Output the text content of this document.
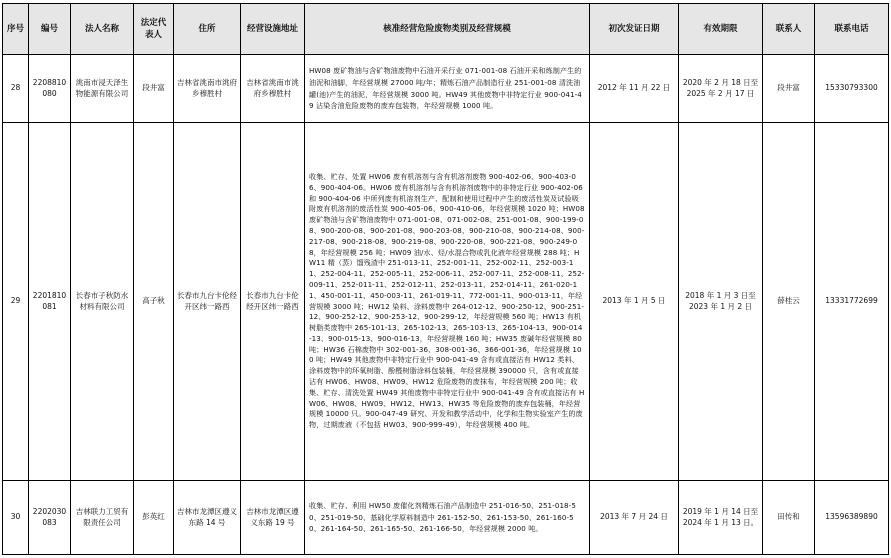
序号	编号	法人名称	法定代表人	住所	经营设施地址	核准经营危险废物类别及经营规模	初次发证日期	有效期限	联系人	联系电话
28	2208810080	洮南市浸天泽生物能源有限公司	段井富	吉林省洮南市洮府乡穆胜村	吉林省洮南市洮府乡穆胜村	HW08 废矿物油与含矿物油废物中石油开采行业 071-001-08 石油开采和炼制产生的油泥和油脚，年经营规模 27000 吨/年；精炼石油产品制造行业 251-001-08 清洗油罐(池)产生的油泥，年经营规模 3000 吨。HW49 其他废物中非特定行业 900-041-49 沾染含油危险废物的废弃包装物，年经营规模 1000 吨。	2012 年 11 月 22 日	2020 年 2 月 18 日至 2025 年 2 月 17 日	段井富	15330793300
29	2201810081	长春市子秋防水材料有限公司	高子秋	长春市九台卡伦经开区纬一路西	长春市九台卡伦经开区纬一路西	收集、贮存、处置 HW06 废有机溶剂与含有机溶剂废物 900-402-06、900-403-06、900-404-06。HW06 废有机溶剂与含有机溶剂废物中的非特定行业 900-402-06 和 900-404-06 中所列废有机溶剂生产、配制和使用过程中产生的废活性炭及试验吸附废有机溶剂的废活性炭 900-405-06、900-410-06，年经营规模 1020 吨；HW08 废矿物油与含矿物油废物中 071-001-08、071-002-08、251-001-08、900-199-08、900-200-08、900-201-08、900-203-08、900-210-08、900-214-08、900-217-08、900-218-08、900-219-08、900-220-08、900-221-08、900-249-08，年经营规模 256 吨；HW09 油/水、烃/水混合物或乳化液年经营规模 288 吨；HW11 精（蒸）馏残渣中 251-013-11、252-001-11、252-002-11、252-003-11、252-004-11、252-005-11、252-006-11、252-007-11、252-008-11、252-009-11、252-011-11、252-012-11、252-013-11、252-014-11、261-020-11、450-001-11、450-003-11、261-019-11、772-001-11、900-013-11，年经营规模 3000 吨；HW12 染料、涂料废物中 264-012-12、900-250-12、900-251-12、900-252-12、900-253-12、900-299-12，年经营规模 560 吨；HW13 有机树脂类废物中 265-101-13、265-102-13、265-103-13、265-104-13、900-014-13、900-015-13、900-016-13，年经营规模 160 吨；HW35 废碱年经营规模 80 吨；HW36 石棉废物中 302-001-36、308-001-36、366-001-36，年经营规模 100 吨；HW49 其他废物中非特定行业中 900-041-49 含有或直接沾有 HW12 类料、涂料废物中的环氧树脂、酚醛树脂涂料包装桶，年经营规模 390000 只，含有或直接沾有 HW06、HW08、HW09、HW12 危险废物的废抹布，年经营规模 200 吨；收集、贮存、清洗处置 HW49 其他废物中非特定行业中 900-041-49 含有或直接沾有 HW06、HW08、HW09、HW12、HW13、HW35 等危险废物的废弃包装桶，年经营规模 10000 只。900-047-49 研究、开发和教学活动中，化学和生物实验室产生的废物，过期废液（不包括 HW03、900-999-49），年经营规模 400 吨。	2013 年 1 月 5 日	2018 年 1 月 3 日至 2023 年 1 月 2 日	薛桂云	13331772699
30	2202030083	吉林联力工贸有限责任公司	彭英红	吉林市龙潭区遵义东路 14 号	吉林市龙潭区遵义东路 19 号	收集、贮存、利用 HW50 废催化剂精炼石油产品制造中 251-016-50、251-018-50、251-019-50、基础化学原料制造中 261-152-50、261-153-50、261-160-50、261-164-50、261-165-50、261-166-50，年经营规模 2000 吨。	2013 年 7 月 24 日	2019 年 1 月 14 日至 2024 年 1 月 13 日。	田传和	13596389890
